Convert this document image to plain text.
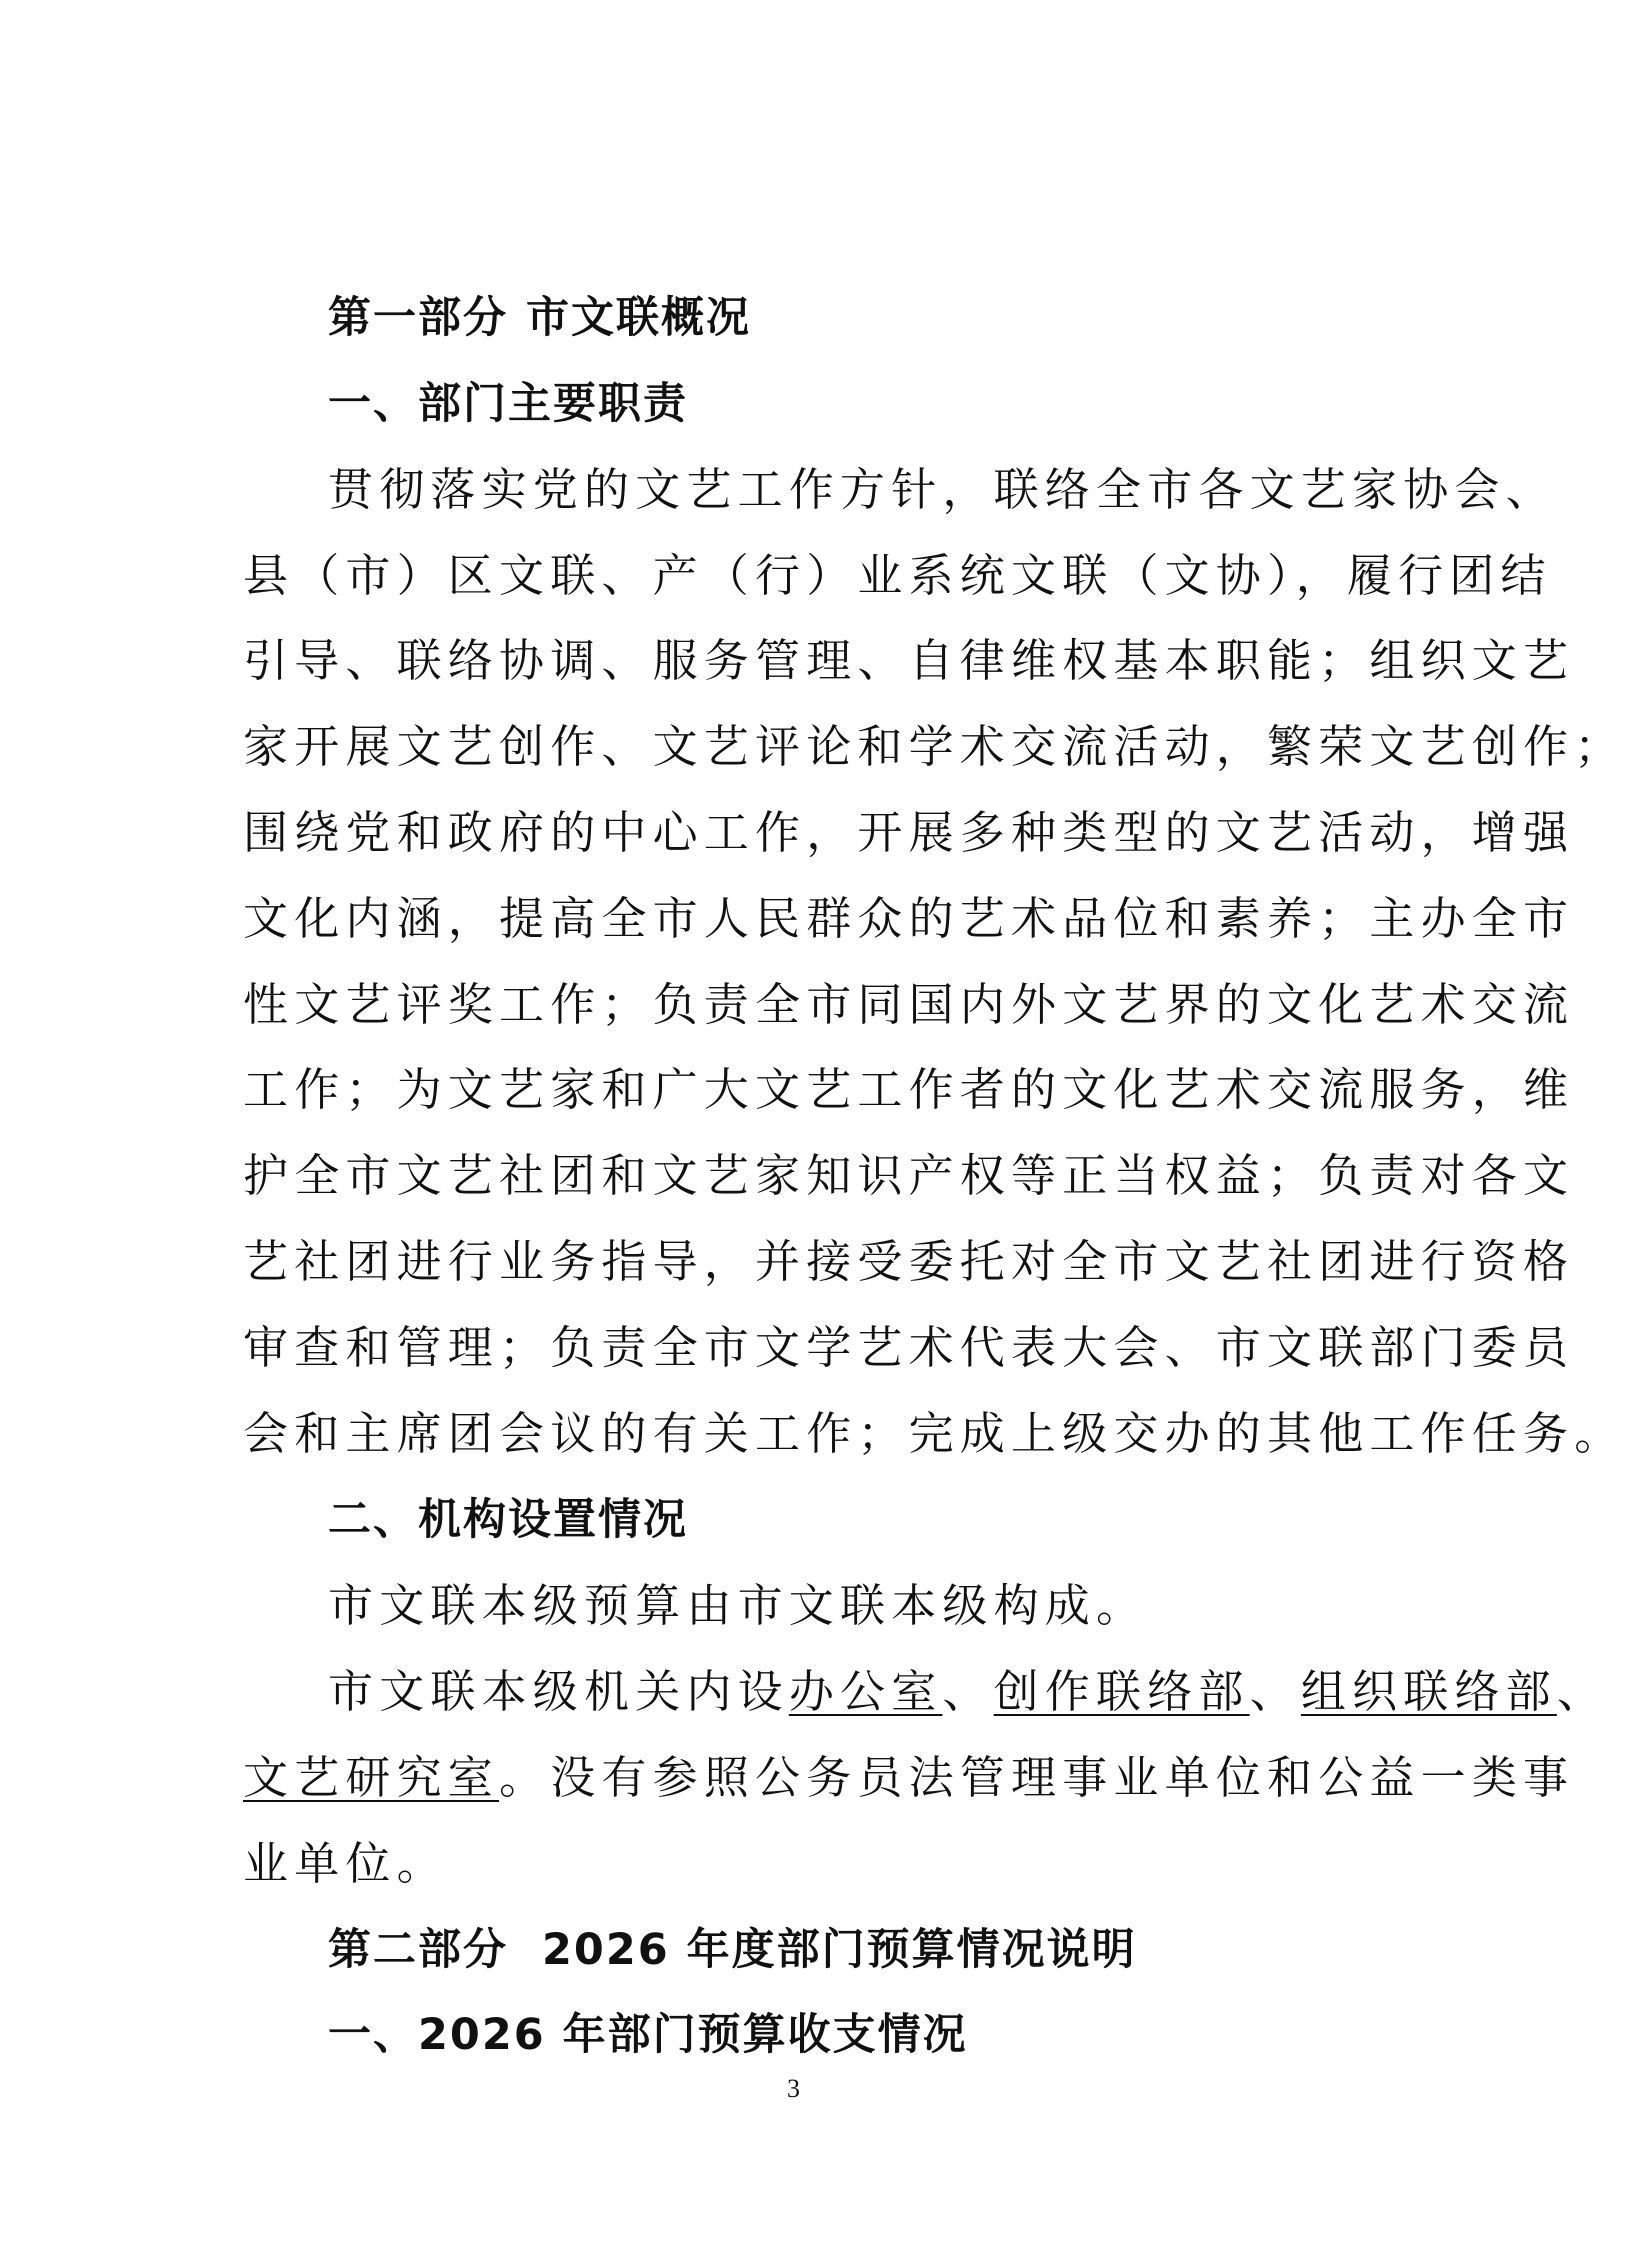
第一部分 市文联概况
一、部门主要职责
贯彻落实党的文艺工作方针，联络全市各文艺家协会、
县（市）区文联、产（行）业系统文联（文协），履行团结
引导、联络协调、服务管理、自律维权基本职能；组织文艺
家开展文艺创作、文艺评论和学术交流活动，繁荣文艺创作；
围绕党和政府的中心工作，开展多种类型的文艺活动，增强
文化内涵，提高全市人民群众的艺术品位和素养；主办全市
性文艺评奖工作；负责全市同国内外文艺界的文化艺术交流
工作；为文艺家和广大文艺工作者的文化艺术交流服务，维
护全市文艺社团和文艺家知识产权等正当权益；负责对各文
艺社团进行业务指导，并接受委托对全市文艺社团进行资格
审查和管理；负责全市文学艺术代表大会、市文联部门委员
会和主席团会议的有关工作；完成上级交办的其他工作任务。
二、机构设置情况
市文联本级预算由市文联本级构成。
市文联本级机关内设办公室、创作联络部、组织联络部、
文艺研究室。没有参照公务员法管理事业单位和公益一类事
业单位。
第二部分 2026 年度部门预算情况说明
一、2026 年部门预算收支情况
3
